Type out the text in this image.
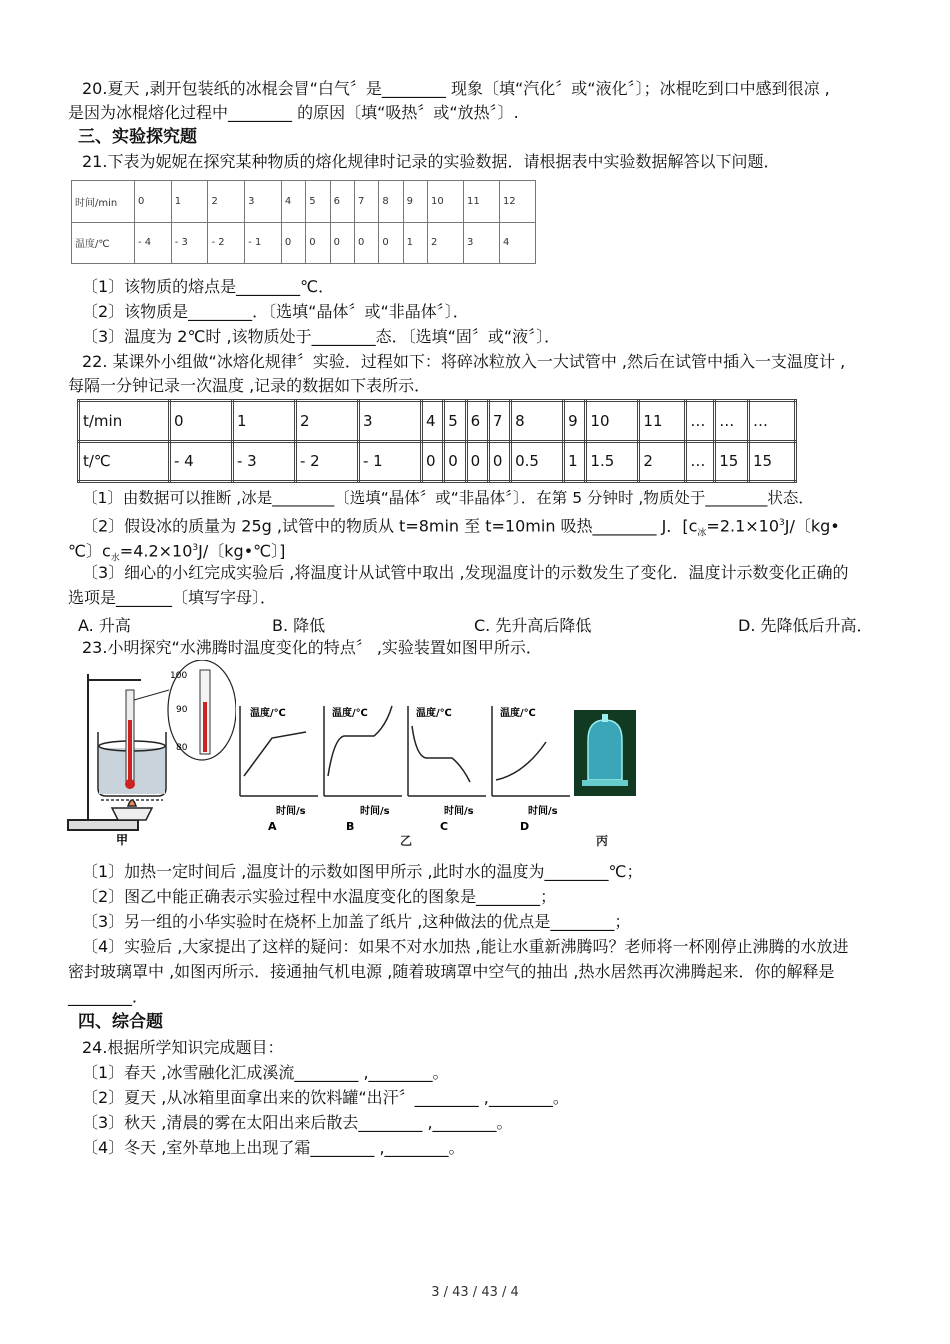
20.夏天 ,剥开包装纸的冰棍会冒“白气〞是________ 现象〔填“汽化〞或“液化〞〕；冰棍吃到口中感到很凉 ,
是因为冰棍熔化过程中________ 的原因〔填“吸热〞或“放热〞〕.
三、实验探究题
21.下表为妮妮在探究某种物质的熔化规律时记录的实验数据．请根据表中实验数据解答以下问题．
时间/min	0	1	2	3	4	5	6	7	8	9	10	11	12
温度/℃	- 4	- 3	- 2	- 1	0	0	0	0	0	1	2	3	4
〔1〕该物质的熔点是________℃．
〔2〕该物质是________．〔选填“晶体〞或“非晶体〞〕．
〔3〕温度为 2℃时 ,该物质处于________态．〔选填“固〞或“液〞〕．
22. 某课外小组做“冰熔化规律〞实验．过程如下：将碎冰粒放入一大试管中 ,然后在试管中插入一支温度计 ,
每隔一分钟记录一次温度 ,记录的数据如下表所示．
t/min	0	1	2	3	4	5	6	7	8	9	10	11	…	…	…
t/℃	- 4	- 3	- 2	- 1	0	0	0	0	0.5	1	1.5	2	…	15	15
〔1〕由数据可以推断 ,冰是________〔选填“晶体〞或“非晶体〞〕．在第 5 分钟时 ,物质处于________状态．
〔2〕假设冰的质量为 25g ,试管中的物质从 t=8min 至 t=10min 吸热________ J．[$c_冰=2.1\times 10^3J/$〔kg•
℃〕$c_水=4.2\times 10^3J/$〔kg•℃〕]
〔3〕细心的小红完成实验后 ,将温度计从试管中取出 ,发现温度计的示数发生了变化．温度计示数变化正确的
选项是_______〔填写字母〕．
A. 升高	B. 降低	C. 先升高后降低	D. 先降低后升高．
23.小明探究“水沸腾时温度变化的特点〞 ,实验装置如图甲所示．
100
90
80
甲
温度/℃
时间/s
A
温度/℃
时间/s
B
温度/℃
时间/s
C
温度/℃
时间/s
D
乙	丙
〔1〕加热一定时间后 ,温度计的示数如图甲所示 ,此时水的温度为________℃；
〔2〕图乙中能正确表示实验过程中水温度变化的图象是________；
〔3〕另一组的小华实验时在烧杯上加盖了纸片 ,这种做法的优点是________；
〔4〕实验后 ,大家提出了这样的疑问：如果不对水加热 ,能让水重新沸腾吗？老师将一杯刚停止沸腾的水放进
密封玻璃罩中 ,如图丙所示．接通抽气机电源 ,随着玻璃罩中空气的抽出 ,热水居然再次沸腾起来．你的解释是
________．
四、综合题
24.根据所学知识完成题目：
〔1〕春天 ,冰雪融化汇成溪流________ ,________。
〔2〕夏天 ,从冰箱里面拿出来的饮料罐“出汗〞________ ,________。
〔3〕秋天 ,清晨的雾在太阳出来后散去________ ,________。
〔4〕冬天 ,室外草地上出现了霜________ ,________。
3 / 43 / 43 / 4
